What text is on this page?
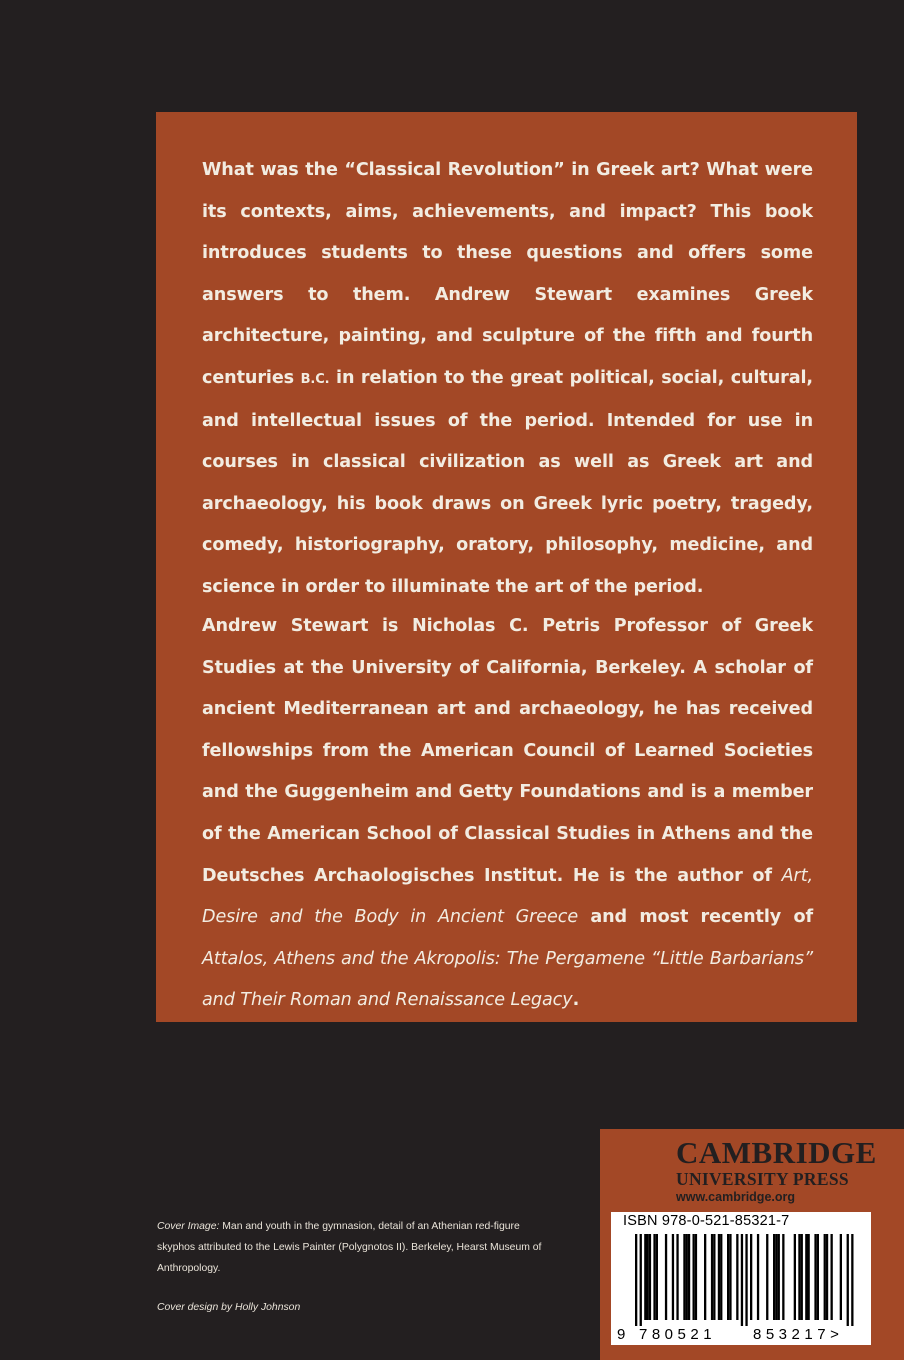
What was the “Classical Revolution” in Greek art? What were its contexts, aims, achievements, and impact? This book introduces students to these questions and offers some answers to them. Andrew Stewart examines Greek architecture, painting, and sculpture of the fifth and fourth centuries B.C. in relation to the great political, social, cultural, and intellectual issues of the period. Intended for use in courses in classical civilization as well as Greek art and archaeology, his book draws on Greek lyric poetry, tragedy, comedy, historiography, oratory, philosophy, medicine, and science in order to illuminate the art of the period.

Andrew Stewart is Nicholas C. Petris Professor of Greek Studies at the University of California, Berkeley. A scholar of ancient Mediterranean art and archaeology, he has received fellowships from the American Council of Learned Societies and the Guggenheim and Getty Foundations and is a member of the American School of Classical Studies in Athens and the Deutsches Archaologisches Institut. He is the author of Art, Desire and the Body in Ancient Greece and most recently of Attalos, Athens and the Akropolis: The Pergamene “Little Barbarians” and Their Roman and Renaissance Legacy.

Cover Image: Man and youth in the gymnasion, detail of an Athenian red-figure skyphos attributed to the Lewis Painter (Polygnotos II). Berkeley, Hearst Museum of Anthropology.

Cover design by Holly Johnson

CAMBRIDGE
UNIVERSITY PRESS
www.cambridge.org
ISBN 978-0-521-85321-7
9 780521 853217>
